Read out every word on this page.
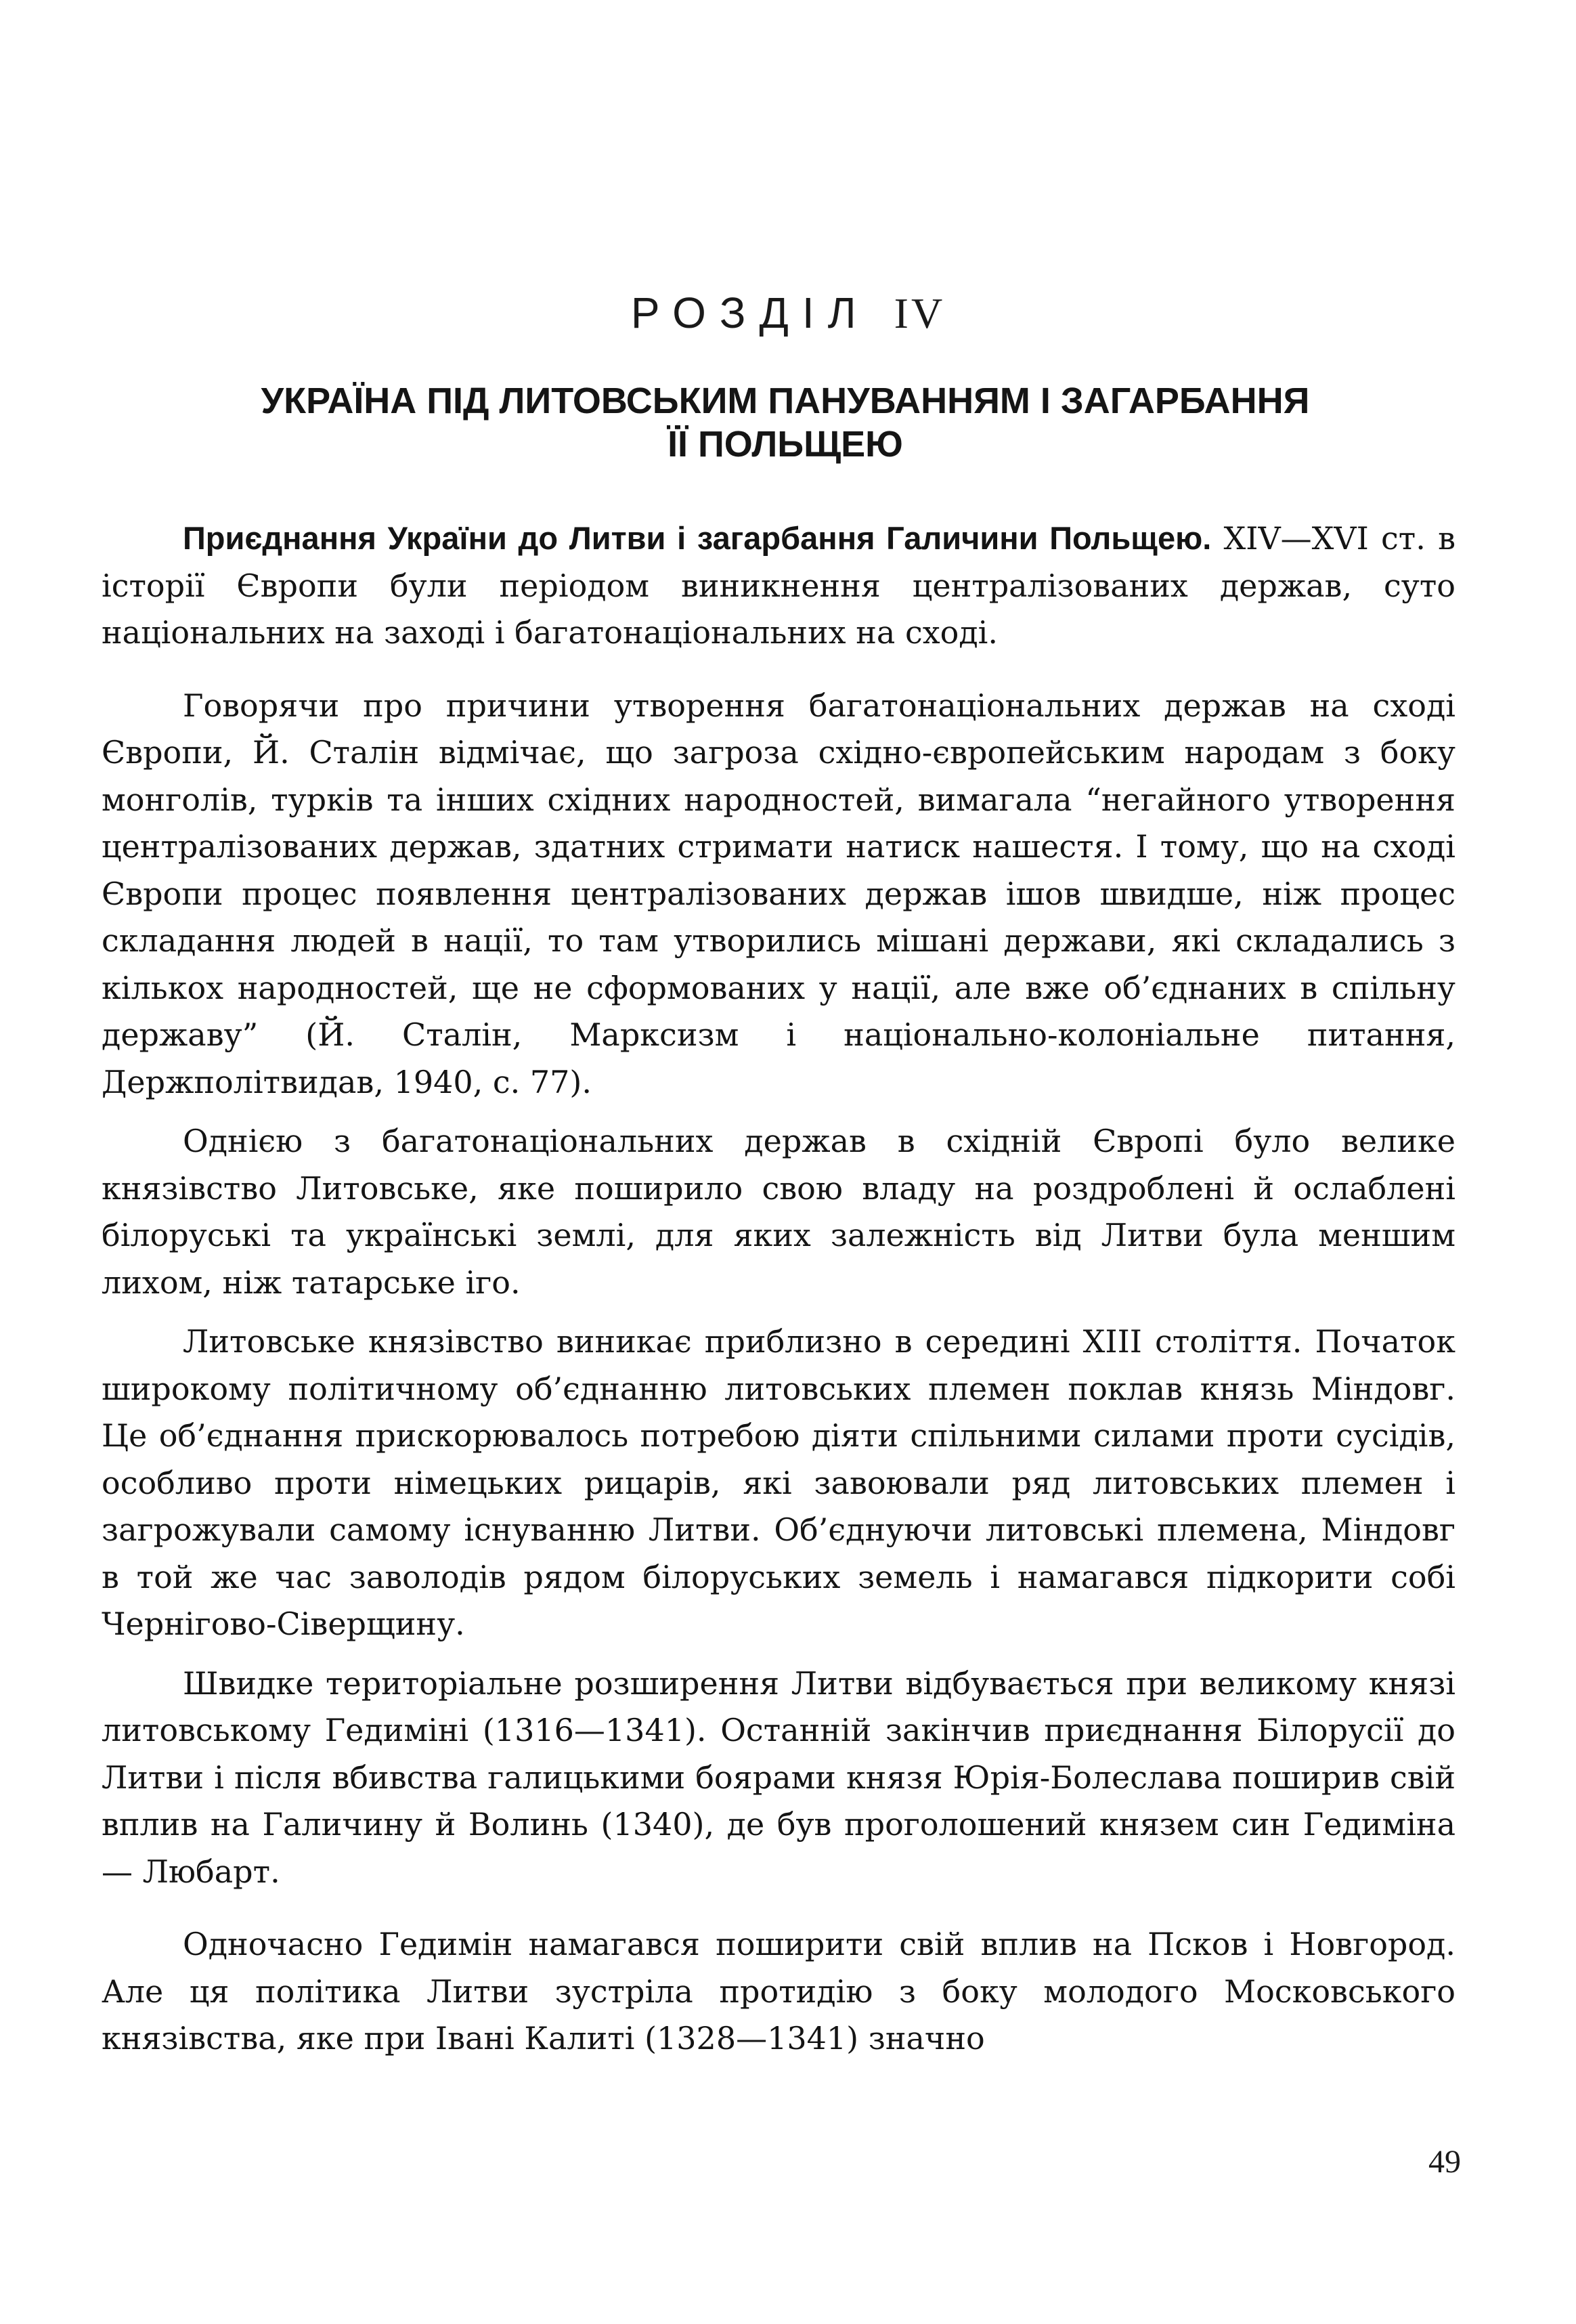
РОЗДІЛ IV
УКРАЇНА ПІД ЛИТОВСЬКИМ ПАНУВАННЯМ І ЗАГАРБАННЯ
ЇЇ ПОЛЬЩЕЮ

Приєднання України до Литви і загарбання Галичини Польщею. XIV—XVI ст. в історії Європи були періодом виникнення централізованих держав, суто національних на заході і багатонаціональних на сході.

Говорячи про причини утворення багатонаціональних держав на сході Європи, Й. Сталін відмічає, що загроза східно-європейським народам з боку монголів, турків та інших східних народностей, вимагала “негайного утворення централізованих держав, здатних стримати натиск нашестя. І тому, що на сході Європи процес появлення централізованих держав ішов швидше, ніж процес складання людей в нації, то там утворились мішані держави, які складались з кількох народностей, ще не сформованих у нації, але вже об’єднаних в спільну державу” (Й. Сталін, Марксизм і національно-колоніальне питання, Держполітвидав, 1940, с. 77).

Однією з багатонаціональних держав в східній Європі було велике князівство Литовське, яке поширило свою владу на роздроблені й ослаблені білоруські та українські землі, для яких залежність від Литви була меншим лихом, ніж татарське іго.

Литовське князівство виникає приблизно в середині XIII століття. Початок широкому політичному об’єднанню литовських племен поклав князь Міндовг. Це об’єднання прискорювалось потребою діяти спільними силами проти сусідів, особливо проти німецьких рицарів, які завоювали ряд литовських племен і загрожували самому існуванню Литви. Об’єднуючи литовські племена, Міндовг в той же час заволодів рядом білоруських земель і намагався підкорити собі Чернігово-Сіверщину.

Швидке територіальне розширення Литви відбувається при великому князі литовському Гедиміні (1316—1341). Останній закінчив приєднання Білорусії до Литви і після вбивства галицькими боярами князя Юрія-Болеслава поширив свій вплив на Галичину й Волинь (1340), де був проголошений князем син Гедиміна — Любарт.

Одночасно Гедимін намагався поширити свій вплив на Псков і Новгород. Але ця політика Литви зустріла протидію з боку молодого Московського князівства, яке при Івані Калиті (1328—1341) значно

49
